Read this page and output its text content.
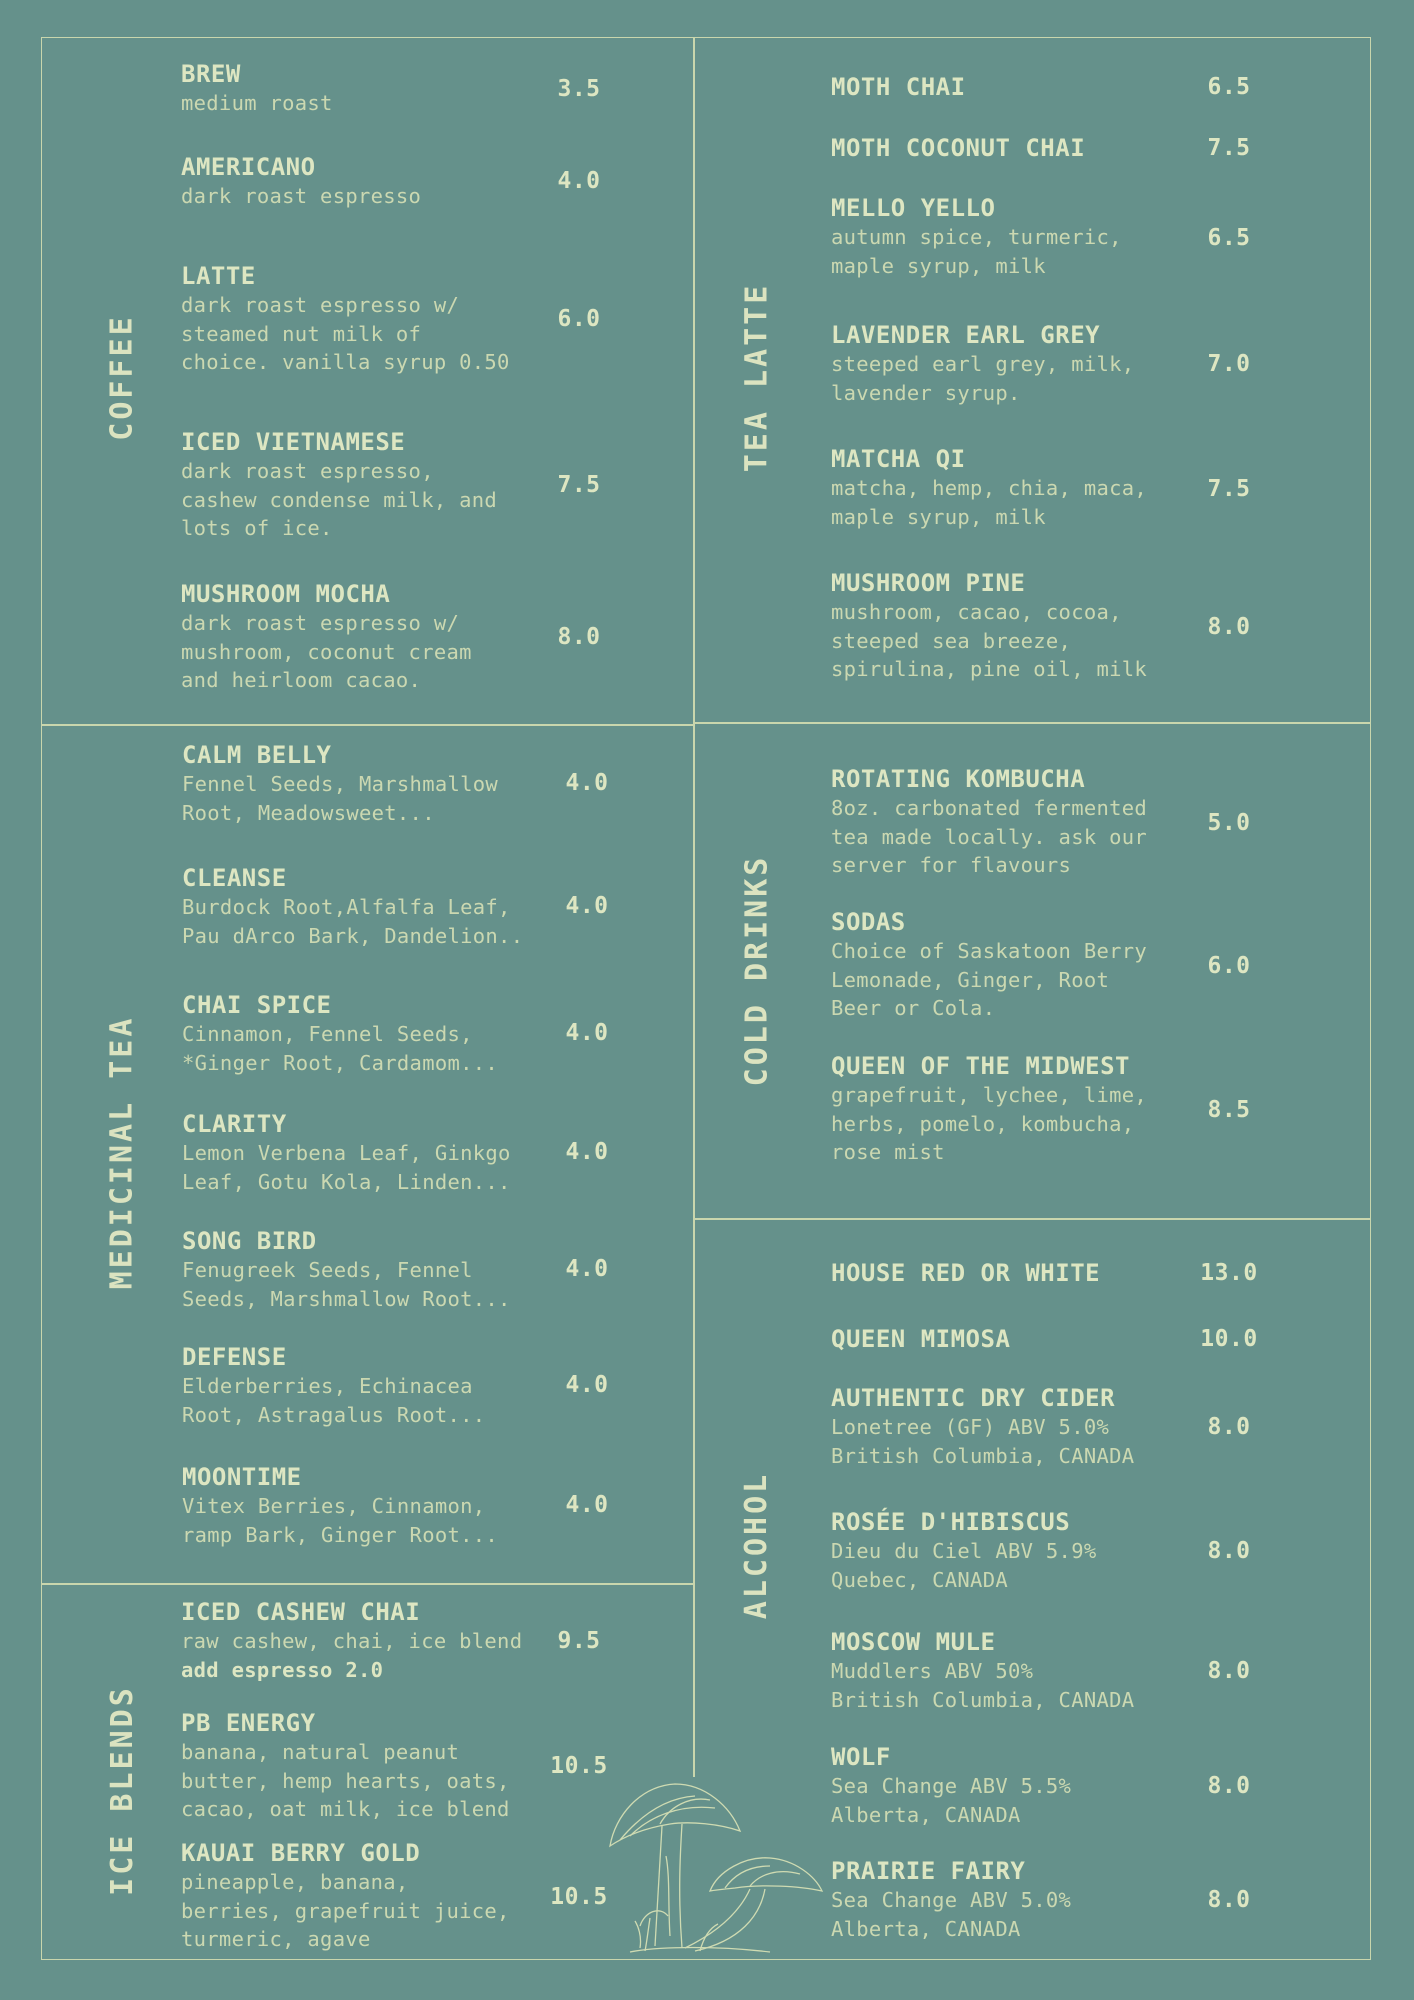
COFFEE	TEA LATTE
MEDICINAL TEA
COLD DRINKS
ICE BLENDS
ALCOHOL
BREW
medium roast
3.5
AMERICANO
dark roast espresso
4.0
LATTE
dark roast espresso w/
steamed nut milk of
choice. vanilla syrup 0.50
6.0
ICED VIETNAMESE
dark roast espresso,
cashew condense milk, and
lots of ice.
7.5
MUSHROOM MOCHA
dark roast espresso w/
mushroom, coconut cream
and heirloom cacao.
8.0
MOTH CHAI	6.5
MOTH COCONUT CHAI	7.5
MELLO YELLO
autumn spice, turmeric,
maple syrup, milk
6.5
LAVENDER EARL GREY
steeped earl grey, milk,
lavender syrup.
7.0
MATCHA QI
matcha, hemp, chia, maca,
maple syrup, milk
7.5
MUSHROOM PINE
mushroom, cacao, cocoa,
steeped sea breeze,
spirulina, pine oil, milk
8.0
CALM BELLY
Fennel Seeds, Marshmallow
Root, Meadowsweet...
4.0
CLEANSE
Burdock Root,Alfalfa Leaf,
Pau dArco Bark, Dandelion..
4.0
CHAI SPICE
Cinnamon, Fennel Seeds,
*Ginger Root, Cardamom...
4.0
CLARITY
Lemon Verbena Leaf, Ginkgo
Leaf, Gotu Kola, Linden...
4.0
SONG BIRD
Fenugreek Seeds, Fennel
Seeds, Marshmallow Root...
4.0
DEFENSE
Elderberries, Echinacea
Root, Astragalus Root...
4.0
MOONTIME
Vitex Berries, Cinnamon,
ramp Bark, Ginger Root...
4.0
ROTATING KOMBUCHA
8oz. carbonated fermented
tea made locally. ask our
server for flavours
5.0
SODAS
Choice of Saskatoon Berry
Lemonade, Ginger, Root
Beer or Cola.
6.0
QUEEN OF THE MIDWEST
grapefruit, lychee, lime,
herbs, pomelo, kombucha,
rose mist
8.5
ICED CASHEW CHAI
raw cashew, chai, ice blend
add espresso 2.0
9.5
PB ENERGY
banana, natural peanut
butter, hemp hearts, oats,
cacao, oat milk, ice blend
10.5
KAUAI BERRY GOLD
pineapple, banana,
berries, grapefruit juice,
turmeric, agave
10.5
HOUSE RED OR WHITE	13.0
QUEEN MIMOSA	10.0
AUTHENTIC DRY CIDER
Lonetree (GF) ABV 5.0%
British Columbia, CANADA
8.0
ROSÉE D'HIBISCUS
Dieu du Ciel ABV 5.9%
Quebec, CANADA
8.0
MOSCOW MULE
Muddlers ABV 50%
British Columbia, CANADA
8.0
WOLF
Sea Change ABV 5.5%
Alberta, CANADA
8.0
PRAIRIE FAIRY
Sea Change ABV 5.0%
Alberta, CANADA
8.0
